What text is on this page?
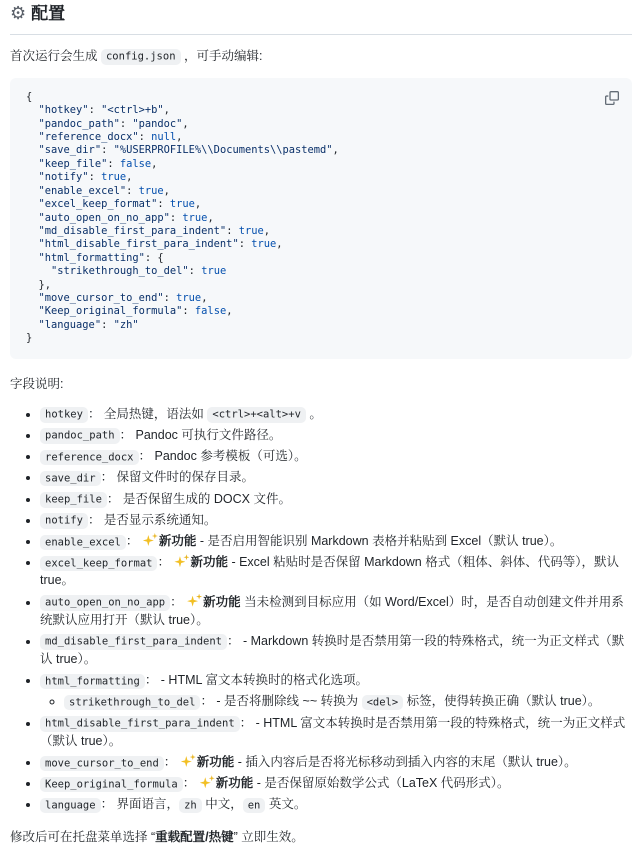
⚙
配置

首次运行会生成 config.json ，可手动编辑:

{
"hotkey": "<ctrl>+b",
"pandoc_path": "pandoc",
"reference_docx": null,
"save_dir": "%USERPROFILE%\\Documents\\pastemd",
"keep_file": false,
"notify": true,
"enable_excel": true,
"excel_keep_format": true,
"auto_open_on_no_app": true,
"md_disable_first_para_indent": true,
"html_disable_first_para_indent": true,
"html_formatting": {
"strikethrough_to_del": true
},
"move_cursor_to_end": true,
"Keep_original_formula": false,
"language": "zh"
}

字段说明:

• hotkey ： 全局热键，语法如 <ctrl>+<alt>+v 。
• pandoc_path ： Pandoc 可执行文件路径。
• reference_docx ： Pandoc 参考模板（可选）。
• save_dir ： 保留文件时的保存目录。
• keep_file ： 是否保留生成的 DOCX 文件。
• notify ： 是否显示系统通知。
• enable_excel ：
新功能 - 是否启用智能识别 Markdown 表格并粘贴到 Excel（默认 true）。
• excel_keep_format ：
新功能 - Excel 粘贴时是否保留 Markdown 格式（粗体、斜体、代码等），默认 true。
• auto_open_on_no_app ：
新功能 当未检测到目标应用（如 Word/Excel）时，是否自动创建文件并用系统默认应用打开（默认 true）。
• md_disable_first_para_indent ： - Markdown 转换时是否禁用第一段的特殊格式，统一为正文样式（默认 true）。
• html_formatting ： - HTML 富文本转换时的格式化选项。
◦ strikethrough_to_del ： - 是否将删除线 ~~ 转换为 <del> 标签，使得转换正确（默认 true）。
• html_disable_first_para_indent ： - HTML 富文本转换时是否禁用第一段的特殊格式，统一为正文样式（默认 true）。
• move_cursor_to_end ：
新功能 - 插入内容后是否将光标移动到插入内容的末尾（默认 true）。
• Keep_original_formula ：
新功能 - 是否保留原始数学公式（LaTeX 代码形式）。
• language ： 界面语言， zh 中文， en 英文。

修改后可在托盘菜单选择 “重载配置/热键” 立即生效。
